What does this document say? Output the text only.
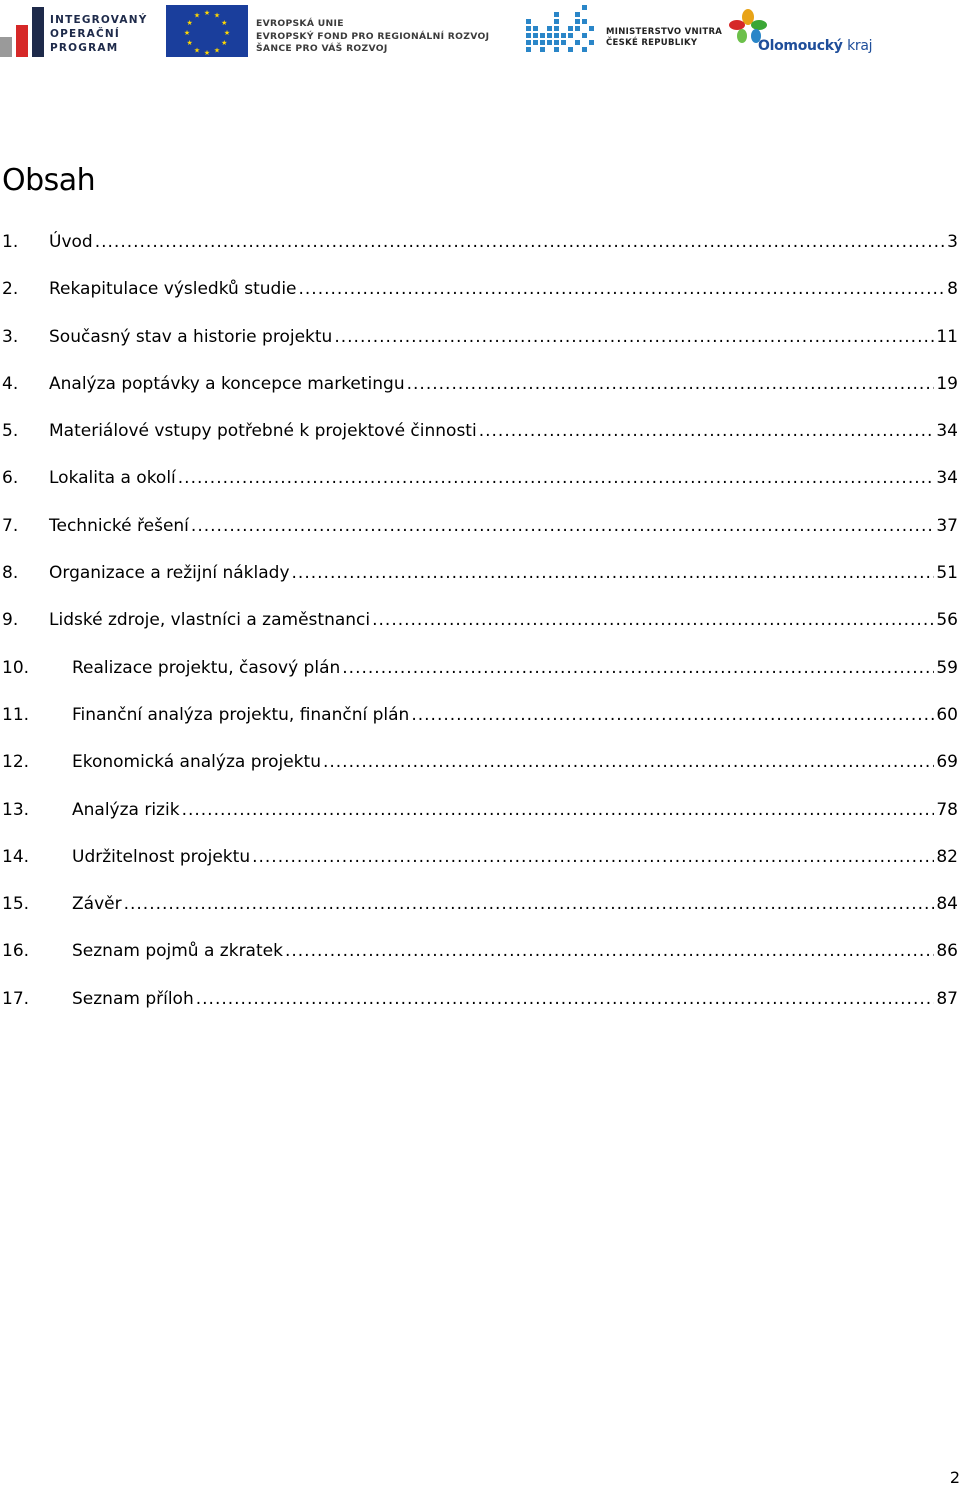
INTEGROVANÝ
OPERAČNÍ
PROGRAM
★ ★
★
★
★
★
★
★
★
★
★
★
EVROPSKÁ UNIE
EVROPSKÝ FOND PRO REGIONÁLNÍ ROZVOJ
ŠANCE PRO VÁŠ ROZVOJ
MINISTERSTVO VNITRA
ČESKÉ REPUBLIKY	Olomoucký kraj
Obsah
1.	Úvod .....	3
2.	Rekapitulace výsledků studie .....	8
3.	Současný stav a historie projektu .....	11
4.	Analýza poptávky a koncepce marketingu .....	19
5.	Materiálové vstupy potřebné k projektové činnosti .....	34
6.	Lokalita a okolí .....	34
7.	Technické řešení .....	37
8.	Organizace a režijní náklady .....	51
9.	Lidské zdroje, vlastníci a zaměstnanci .....	56
10.	Realizace projektu, časový plán .....	59
11.	Finanční analýza projektu, finanční plán .....	60
12.	Ekonomická analýza projektu .....	69
13.	Analýza rizik .....	78
14.	Udržitelnost projektu .....	82
15.	Závěr .....	84
16.	Seznam pojmů a zkratek .....	86
17.	Seznam příloh .....	87
2
